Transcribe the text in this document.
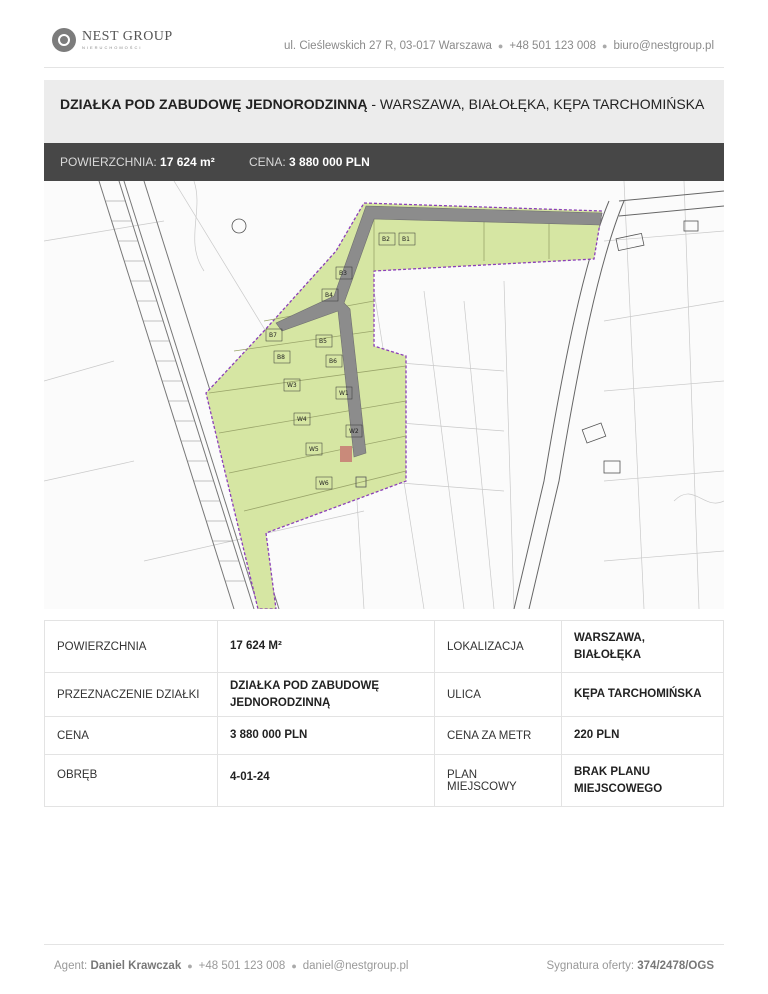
NEST GROUP
NIERUCHOMOŚCI	ul. Cieślewskich 27 R, 03-017 Warszawa ● +48 501 123 008 ● biuro@nestgroup.pl
DZIAŁKA POD ZABUDOWĘ JEDNORODZINNĄ - WARSZAWA, BIAŁOŁĘKA, KĘPA TARCHOMIŃSKA
POWIERZCHNIA: 17 624 m²	CENA: 3 880 000 PLN
B2 B1
B3
B4
B7
B5
B8
B6
W1
W2
W3
W4
W5
W6
POWIERZCHNIA	17 624 M²	LOKALIZACJA	WARSZAWA, BIAŁOŁĘKA
PRZEZNACZENIE DZIAŁKI	DZIAŁKA POD ZABUDOWĘ JEDNORODZINNĄ	ULICA	KĘPA TARCHOMIŃSKA
CENA	3 880 000 PLN	CENA ZA METR	220 PLN
OBRĘB	4-01-24	PLAN MIEJSCOWY	BRAK PLANU MIEJSCOWEGO
Agent: Daniel Krawczak ● +48 501 123 008 ● daniel@nestgroup.pl	Sygnatura oferty: 374/2478/OGS
